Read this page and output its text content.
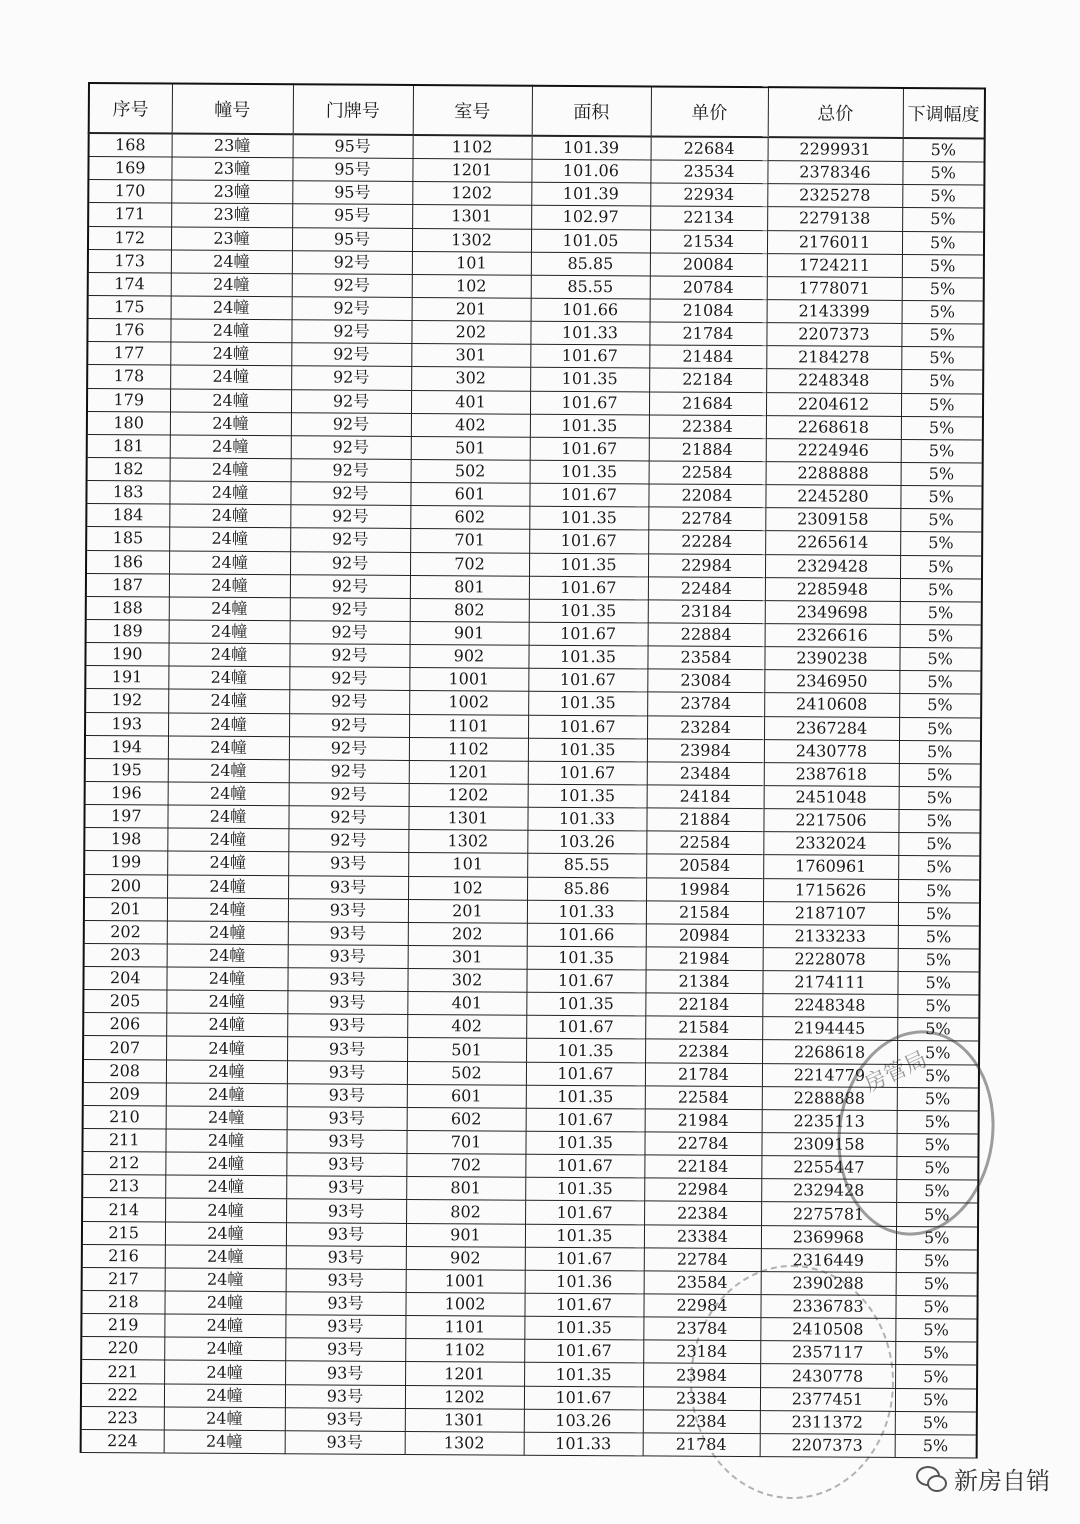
序号	幢号	门牌号	室号	面积	单价	总价	下调幅度
168	23幢	95号	1102	101.39	22684	2299931	5%
169	23幢	95号	1201	101.06	23534	2378346	5%
170	23幢	95号	1202	101.39	22934	2325278	5%
171	23幢	95号	1301	102.97	22134	2279138	5%
172	23幢	95号	1302	101.05	21534	2176011	5%
173	24幢	92号	101	85.85	20084	1724211	5%
174	24幢	92号	102	85.55	20784	1778071	5%
175	24幢	92号	201	101.66	21084	2143399	5%
176	24幢	92号	202	101.33	21784	2207373	5%
177	24幢	92号	301	101.67	21484	2184278	5%
178	24幢	92号	302	101.35	22184	2248348	5%
179	24幢	92号	401	101.67	21684	2204612	5%
180	24幢	92号	402	101.35	22384	2268618	5%
181	24幢	92号	501	101.67	21884	2224946	5%
182	24幢	92号	502	101.35	22584	2288888	5%
183	24幢	92号	601	101.67	22084	2245280	5%
184	24幢	92号	602	101.35	22784	2309158	5%
185	24幢	92号	701	101.67	22284	2265614	5%
186	24幢	92号	702	101.35	22984	2329428	5%
187	24幢	92号	801	101.67	22484	2285948	5%
188	24幢	92号	802	101.35	23184	2349698	5%
189	24幢	92号	901	101.67	22884	2326616	5%
190	24幢	92号	902	101.35	23584	2390238	5%
191	24幢	92号	1001	101.67	23084	2346950	5%
192	24幢	92号	1002	101.35	23784	2410608	5%
193	24幢	92号	1101	101.67	23284	2367284	5%
194	24幢	92号	1102	101.35	23984	2430778	5%
195	24幢	92号	1201	101.67	23484	2387618	5%
196	24幢	92号	1202	101.35	24184	2451048	5%
197	24幢	92号	1301	101.33	21884	2217506	5%
198	24幢	92号	1302	103.26	22584	2332024	5%
199	24幢	93号	101	85.55	20584	1760961	5%
200	24幢	93号	102	85.86	19984	1715626	5%
201	24幢	93号	201	101.33	21584	2187107	5%
202	24幢	93号	202	101.66	20984	2133233	5%
203	24幢	93号	301	101.35	21984	2228078	5%
204	24幢	93号	302	101.67	21384	2174111	5%
205	24幢	93号	401	101.35	22184	2248348	5%
206	24幢	93号	402	101.67	21584	2194445	5%
207	24幢	93号	501	101.35	22384	2268618	5%
208	24幢	93号	502	101.67	21784	2214779	5%
209	24幢	93号	601	101.35	22584	2288888	5%
210	24幢	93号	602	101.67	21984	2235113	5%
211	24幢	93号	701	101.35	22784	2309158	5%
212	24幢	93号	702	101.67	22184	2255447	5%
213	24幢	93号	801	101.35	22984	2329428	5%
214	24幢	93号	802	101.67	22384	2275781	5%
215	24幢	93号	901	101.35	23384	2369968	5%
216	24幢	93号	902	101.67	22784	2316449	5%
217	24幢	93号	1001	101.36	23584	2390288	5%
218	24幢	93号	1002	101.67	22984	2336783	5%
219	24幢	93号	1101	101.35	23784	2410508	5%
220	24幢	93号	1102	101.67	23184	2357117	5%
221	24幢	93号	1201	101.35	23984	2430778	5%
222	24幢	93号	1202	101.67	23384	2377451	5%
223	24幢	93号	1301	103.26	22384	2311372	5%
224	24幢	93号	1302	101.33	21784	2207373	5%
房管局
新房自销
